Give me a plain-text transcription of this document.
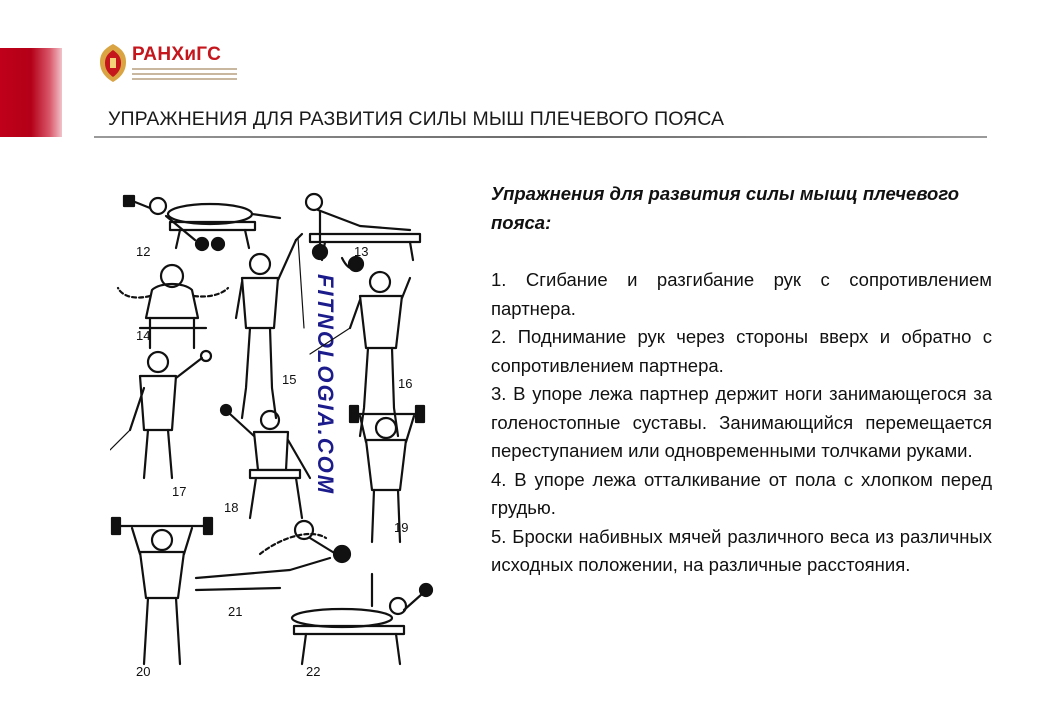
РАНХиГС
УПРАЖНЕНИЯ ДЛЯ РАЗВИТИЯ СИЛЫ МЫШ ПЛЕЧЕВОГО ПОЯСА
FITNOLOGIA.COM
12	13
14
15	16
17
18
19
20
21
22
Упражнения для развития силы мышц плечевого пояса:
1. Сгибание и разгибание рук с сопротивлением партнера.
2. Поднимание рук через стороны вверх и обратно с сопротивлением партнера.
3. В упоре лежа партнер держит ноги занимающегося за голеностопные суставы. Занимающийся перемещается переступанием или одновременными толчками руками.
4. В упоре лежа отталкивание от пола с хлопком перед грудью.
5. Броски набивных мячей различного веса из различных исходных положении, на различные расстояния.
